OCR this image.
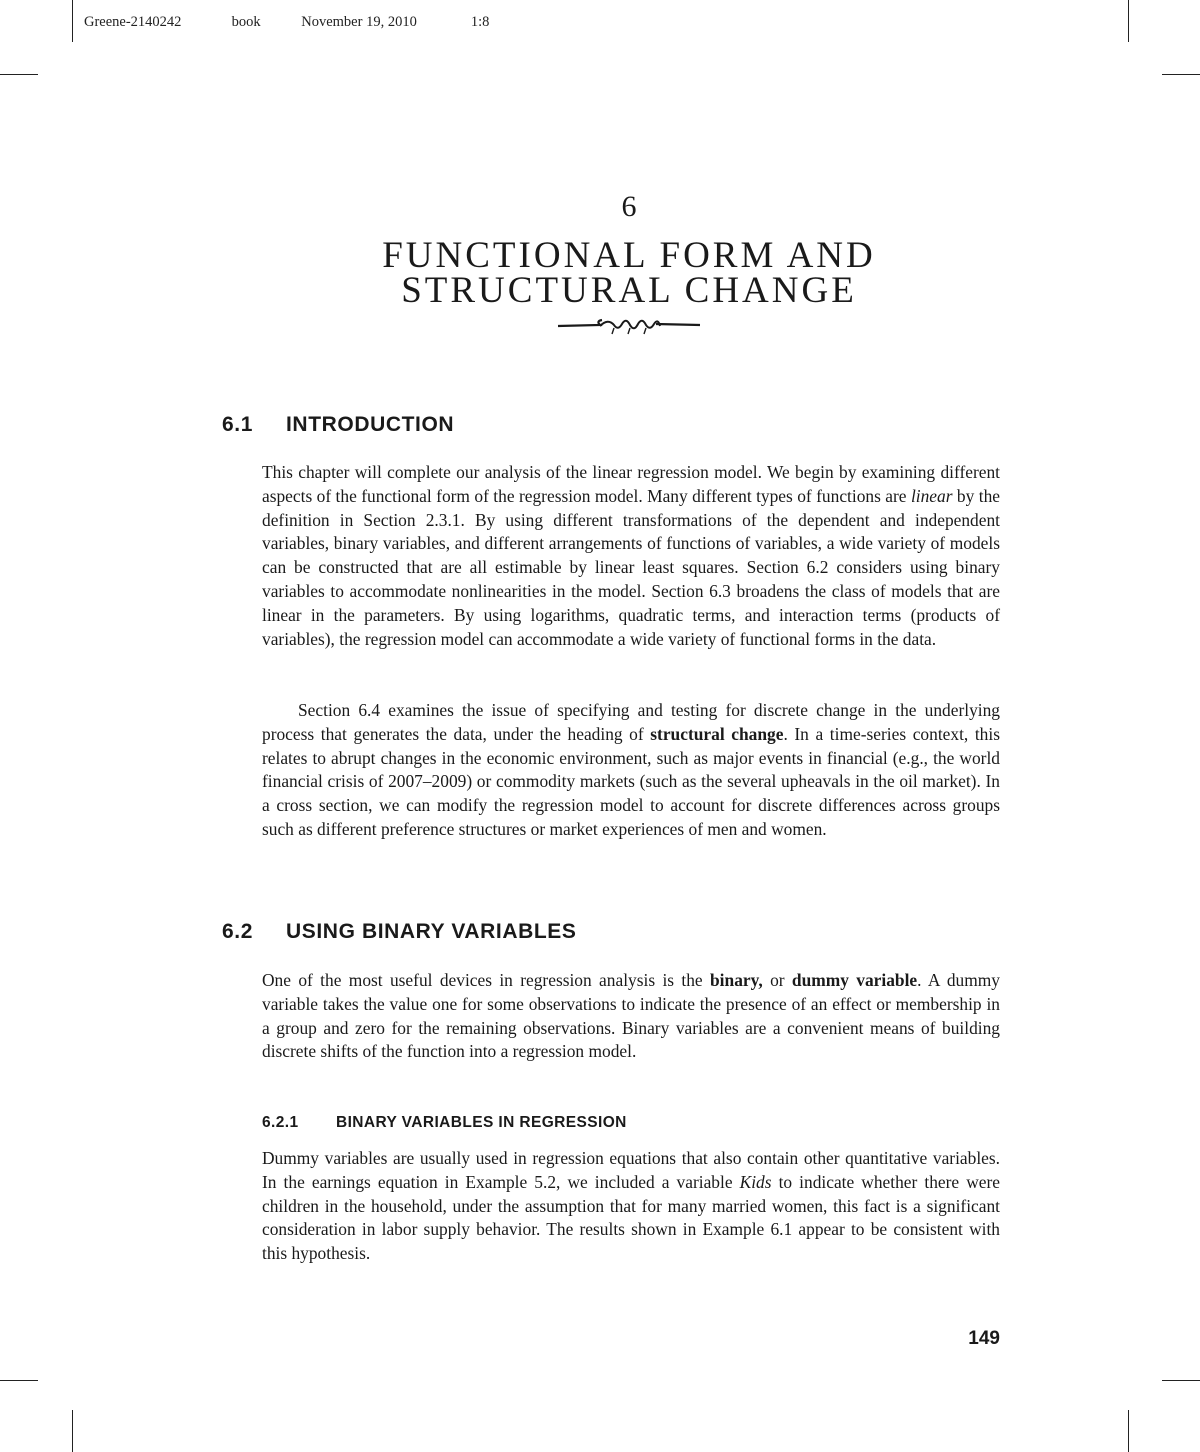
Greene-2140242	book	November 19, 2010	1:8
6
FUNCTIONAL FORM AND
STRUCTURAL CHANGE
6.1 INTRODUCTION

This chapter will complete our analysis of the linear regression model. We begin by examining different aspects of the functional form of the regression model. Many different types of functions are linear by the definition in Section 2.3.1. By using different transformations of the dependent and independent variables, binary variables, and different arrangements of functions of variables, a wide variety of models can be constructed that are all estimable by linear least squares. Section 6.2 considers using binary variables to accommodate nonlinearities in the model. Section 6.3 broadens the class of models that are linear in the parameters. By using logarithms, quadratic terms, and interaction terms (products of variables), the regression model can accommodate a wide variety of functional forms in the data.

Section 6.4 examines the issue of specifying and testing for discrete change in the underlying process that generates the data, under the heading of structural change. In a time-series context, this relates to abrupt changes in the economic environment, such as major events in financial (e.g., the world financial crisis of 2007–2009) or commodity markets (such as the several upheavals in the oil market). In a cross section, we can modify the regression model to account for discrete differences across groups such as different preference structures or market experiences of men and women.

6.2 USING BINARY VARIABLES

One of the most useful devices in regression analysis is the binary, or dummy variable. A dummy variable takes the value one for some observations to indicate the presence of an effect or membership in a group and zero for the remaining observations. Binary variables are a convenient means of building discrete shifts of the function into a regression model.

6.2.1 BINARY VARIABLES IN REGRESSION

Dummy variables are usually used in regression equations that also contain other quantitative variables. In the earnings equation in Example 5.2, we included a variable Kids to indicate whether there were children in the household, under the assumption that for many married women, this fact is a significant consideration in labor supply behavior. The results shown in Example 6.1 appear to be consistent with this hypothesis.

149
